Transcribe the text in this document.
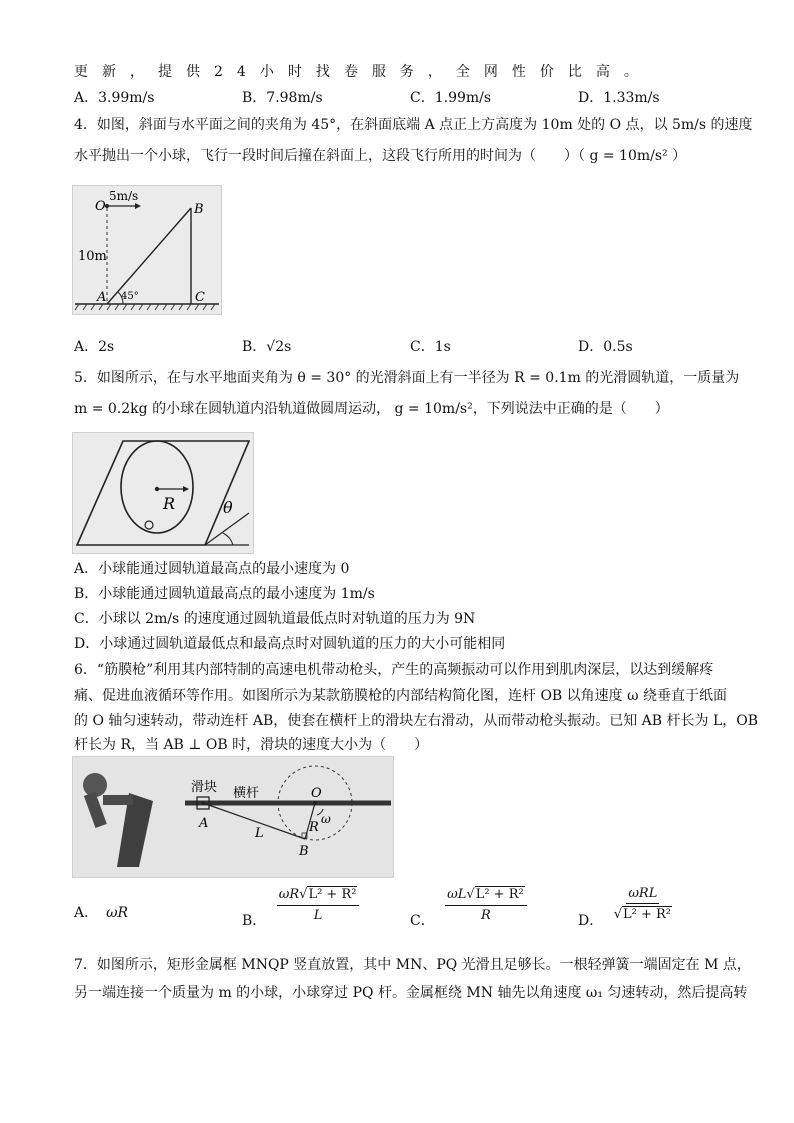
更新，提供24小时找卷服务，全网性价比高。
A．3.99m/s	B．7.98m/s	C．1.99m/s	D．1.33m/s
4．如图，斜面与水平面之间的夹角为 45°，在斜面底端 A 点正上方高度为 10m 处的 O 点，以 5m/s 的速度
水平抛出一个小球，飞行一段时间后撞在斜面上，这段飞行所用的时间为（　　）（ g = 10m/s² ）
O
5m/s
B
10m
A 45°	C
A．2s	B．√2s	C．1s	D．0.5s
5．如图所示，在与水平地面夹角为 θ = 30° 的光滑斜面上有一半径为 R = 0.1m 的光滑圆轨道，一质量为
m = 0.2kg 的小球在圆轨道内沿轨道做圆周运动， g = 10m/s²，下列说法中正确的是（　　）
R	θ
A．小球能通过圆轨道最高点的最小速度为 0
B．小球能通过圆轨道最高点的最小速度为 1m/s
C．小球以 2m/s 的速度通过圆轨道最低点时对轨道的压力为 9N
D．小球通过圆轨道最低点和最高点时对圆轨道的压力的大小可能相同
6．“筋膜枪”利用其内部特制的高速电机带动枪头，产生的高频振动可以作用到肌肉深层，以达到缓解疼
痛、促进血液循环等作用。如图所示为某款筋膜枪的内部结构简化图，连杆 OB 以角速度 ω 绕垂直于纸面
的 O 轴匀速转动，带动连杆 AB，使套在横杆上的滑块左右滑动，从而带动枪头振动。已知 AB 杆长为 L，OB
杆长为 R，当 AB ⊥ OB 时，滑块的速度大小为（　　）
滑块 横杆	O
ω
A
L	R
B
A． ωR	B． $\frac{\text{ωR√L² + R²}}{L}$	C． $\frac{\text{ωL√L² + R²}}{R}$	D． $\frac{\text{ωRL}}{\text{√L² + R²}}$
7．如图所示，矩形金属框 MNQP 竖直放置，其中 MN、PQ 光滑且足够长。一根轻弹簧一端固定在 M 点，
另一端连接一个质量为 m 的小球，小球穿过 PQ 杆。金属框绕 MN 轴先以角速度 ω₁ 匀速转动，然后提高转
